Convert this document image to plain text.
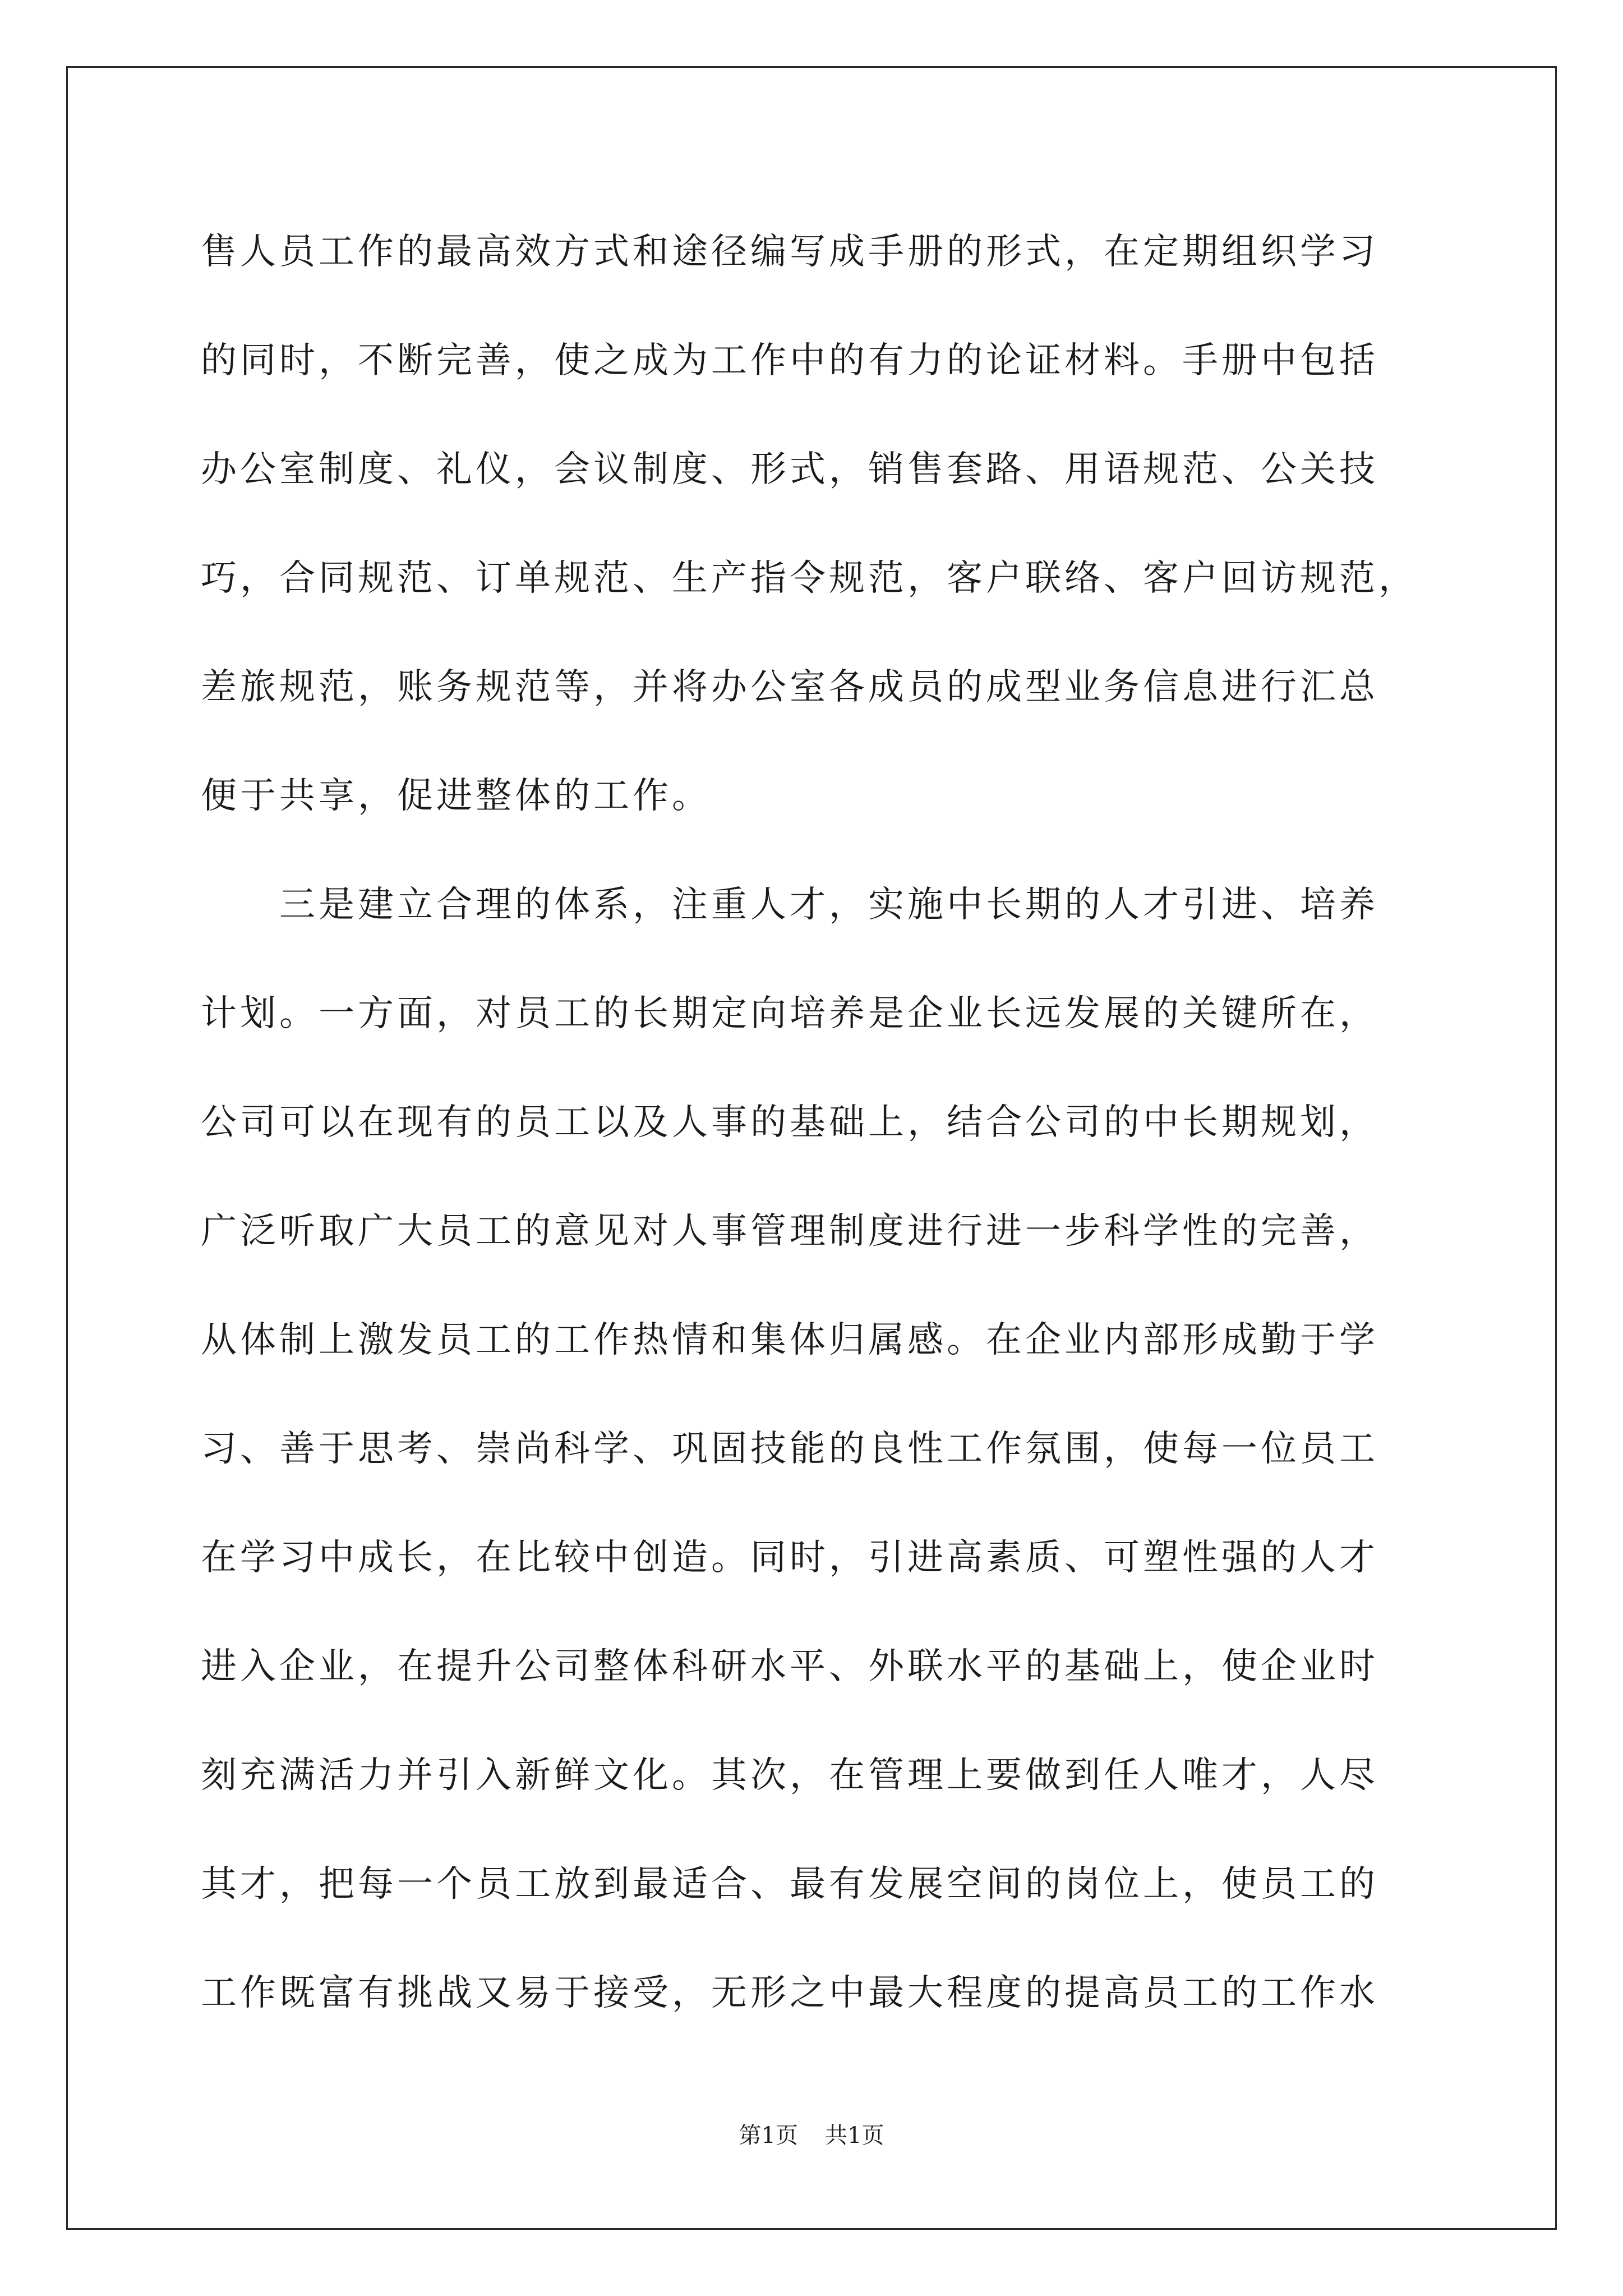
售人员工作的最高效方式和途径编写成手册的形式，在定期组织学习
的同时，不断完善，使之成为工作中的有力的论证材料。手册中包括
办公室制度、礼仪，会议制度、形式，销售套路、用语规范、公关技
巧，合同规范、订单规范、生产指令规范，客户联络、客户回访规范，
差旅规范，账务规范等，并将办公室各成员的成型业务信息进行汇总
便于共享，促进整体的工作。
　　三是建立合理的体系，注重人才，实施中长期的人才引进、培养
计划。一方面，对员工的长期定向培养是企业长远发展的关键所在，
公司可以在现有的员工以及人事的基础上，结合公司的中长期规划，
广泛听取广大员工的意见对人事管理制度进行进一步科学性的完善，
从体制上激发员工的工作热情和集体归属感。在企业内部形成勤于学
习、善于思考、崇尚科学、巩固技能的良性工作氛围，使每一位员工
在学习中成长，在比较中创造。同时，引进高素质、可塑性强的人才
进入企业，在提升公司整体科研水平、外联水平的基础上，使企业时
刻充满活力并引入新鲜文化。其次，在管理上要做到任人唯才，人尽
其才，把每一个员工放到最适合、最有发展空间的岗位上，使员工的
工作既富有挑战又易于接受，无形之中最大程度的提高员工的工作水
第1页 共1页
